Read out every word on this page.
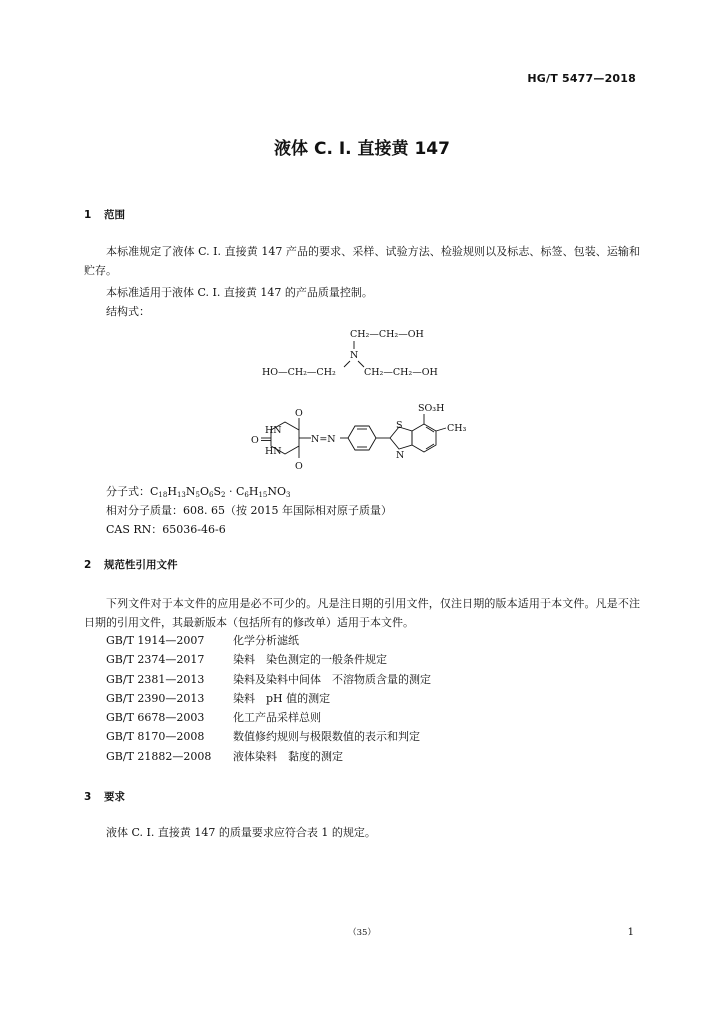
HG/T 5477—2018
液体 C. I. 直接黄 147
1 范围
本标准规定了液体 C. I. 直接黄 147 产品的要求、采样、试验方法、检验规则以及标志、标签、包装、运输和贮存。
本标准适用于液体 C. I. 直接黄 147 的产品质量控制。
结构式：
CH₂—CH₂—OH
N
HO—CH₂—CH₂	CH₂—CH₂—OH
O
O
O
HN
HN
N=N
S
N
SO₃H
CH₃
分子式：$C_{18}H_{13}N_5O_6S_2 \cdot C_6H_{15}NO_3$
相对分子质量：608. 65（按 2015 年国际相对原子质量）
CAS RN：65036-46-6
2 规范性引用文件
下列文件对于本文件的应用是必不可少的。凡是注日期的引用文件，仅注日期的版本适用于本文件。凡是不注日期的引用文件，其最新版本（包括所有的修改单）适用于本文件。
GB/T 1914—2007	化学分析滤纸
GB/T 2374—2017	染料　染色测定的一般条件规定
GB/T 2381—2013	染料及染料中间体　不溶物质含量的测定
GB/T 2390—2013	染料　pH 值的测定
GB/T 6678—2003	化工产品采样总则
GB/T 8170—2008	数值修约规则与极限数值的表示和判定
GB/T 21882—2008 液体染料　黏度的测定
3 要求
液体 C. I. 直接黄 147 的质量要求应符合表 1 的规定。
（35）	1
